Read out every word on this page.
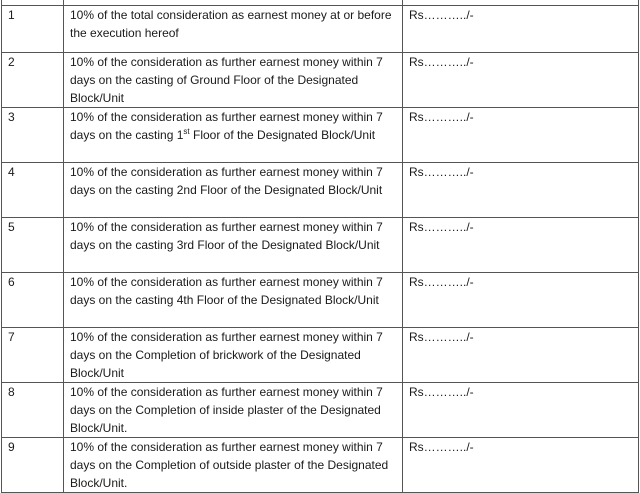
1	10% of the total consideration as earnest money at or before the execution hereof	Rs………../-
2	10% of the consideration as further earnest money within 7 days on the casting of Ground Floor of the Designated Block/Unit	Rs………../-
3	10% of the consideration as further earnest money within 7 days on the casting 1st Floor of the Designated Block/Unit	Rs………../-
4	10% of the consideration as further earnest money within 7 days on the casting 2nd Floor of the Designated Block/Unit	Rs………../-
5	10% of the consideration as further earnest money within 7 days on the casting 3rd Floor of the Designated Block/Unit	Rs………../-
6	10% of the consideration as further earnest money within 7 days on the casting 4th Floor of the Designated Block/Unit	Rs………../-
7	10% of the consideration as further earnest money within 7 days on the Completion of brickwork of the Designated Block/Unit	Rs………../-
8	10% of the consideration as further earnest money within 7 days on the Completion of inside plaster of the Designated Block/Unit.	Rs………../-
9	10% of the consideration as further earnest money within 7 days on the Completion of outside plaster of the Designated Block/Unit.	Rs………../-
